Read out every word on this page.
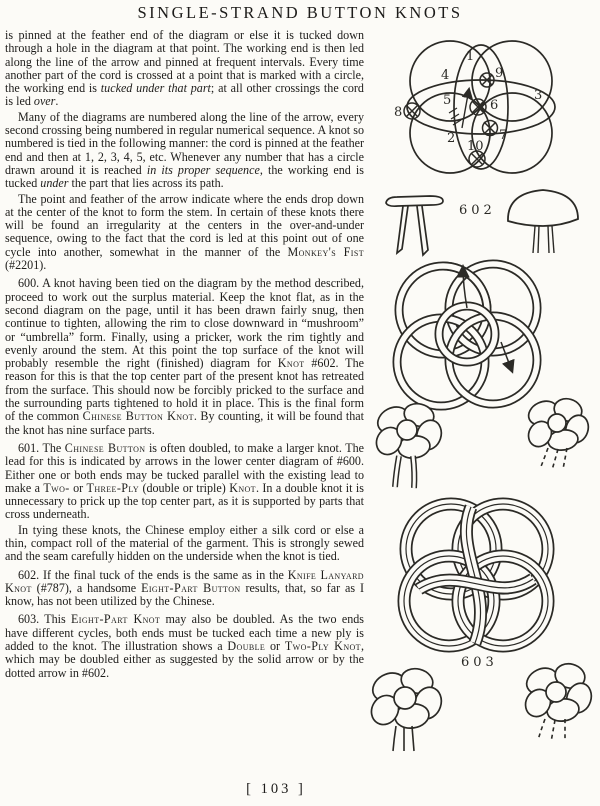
SINGLE-STRAND BUTTON KNOTS

is pinned at the feather end of the diagram or else it is tucked down through a hole in the diagram at that point. The working end is then led along the line of the arrow and pinned at frequent intervals. Every time another part of the cord is crossed at a point that is marked with a circle, the working end is tucked under that part; at all other crossings the cord is led over.

Many of the diagrams are numbered along the line of the arrow, every second crossing being numbered in regular numerical sequence. A knot so numbered is tied in the following manner: the cord is pinned at the feather end and then at 1, 2, 3, 4, 5, etc. Whenever any number that has a circle drawn around it is reached in its proper sequence, the working end is tucked under the part that lies across its path.

The point and feather of the arrow indicate where the ends drop down at the center of the knot to form the stem. In certain of these knots there will be found an irregularity at the centers in the over-and-under sequence, owing to the fact that the cord is led at this point out of one cycle into another, somewhat in the manner of the Monkey's Fist (#2201).

600. A knot having been tied on the diagram by the method described, proceed to work out the surplus material. Keep the knot flat, as in the second diagram on the page, until it has been drawn fairly snug, then continue to tighten, allowing the rim to close downward in “mushroom” or “umbrella” form. Finally, using a pricker, work the rim tightly and evenly around the stem. At this point the top surface of the knot will probably resemble the right (finished) diagram for Knot #602. The reason for this is that the top center part of the present knot has retreated from the surface. This should now be forcibly pricked to the surface and the surrounding parts tightened to hold it in place. This is the final form of the common Chinese Button Knot. By counting, it will be found that the knot has nine surface parts.

601. The Chinese Button is often doubled, to make a larger knot. The lead for this is indicated by arrows in the lower center diagram of #600. Either one or both ends may be tucked parallel with the existing lead to make a Two- or Three-Ply (double or triple) Knot. In a double knot it is unnecessary to prick up the top center part, as it is supported by parts that cross underneath.

In tying these knots, the Chinese employ either a silk cord or else a thin, compact roll of the material of the garment. This is strongly sewed and the seam carefully hidden on the underside when the knot is tied.

602. If the final tuck of the ends is the same as in the Knife Lanyard Knot (#787), a handsome Eight-Part Button results, that, so far as I know, has not been utilized by the Chinese.

603. This Eight-Part Knot may also be doubled. As the two ends have different cycles, both ends must be tucked each time a new ply is added to the knot. The illustration shows a Double or Two-Ply Knot, which may be doubled either as suggested by the solid arrow or by the dotted arrow in #602.

1
2
3
4
5	6
7
8
9
10
602
603
[ 103 ]
